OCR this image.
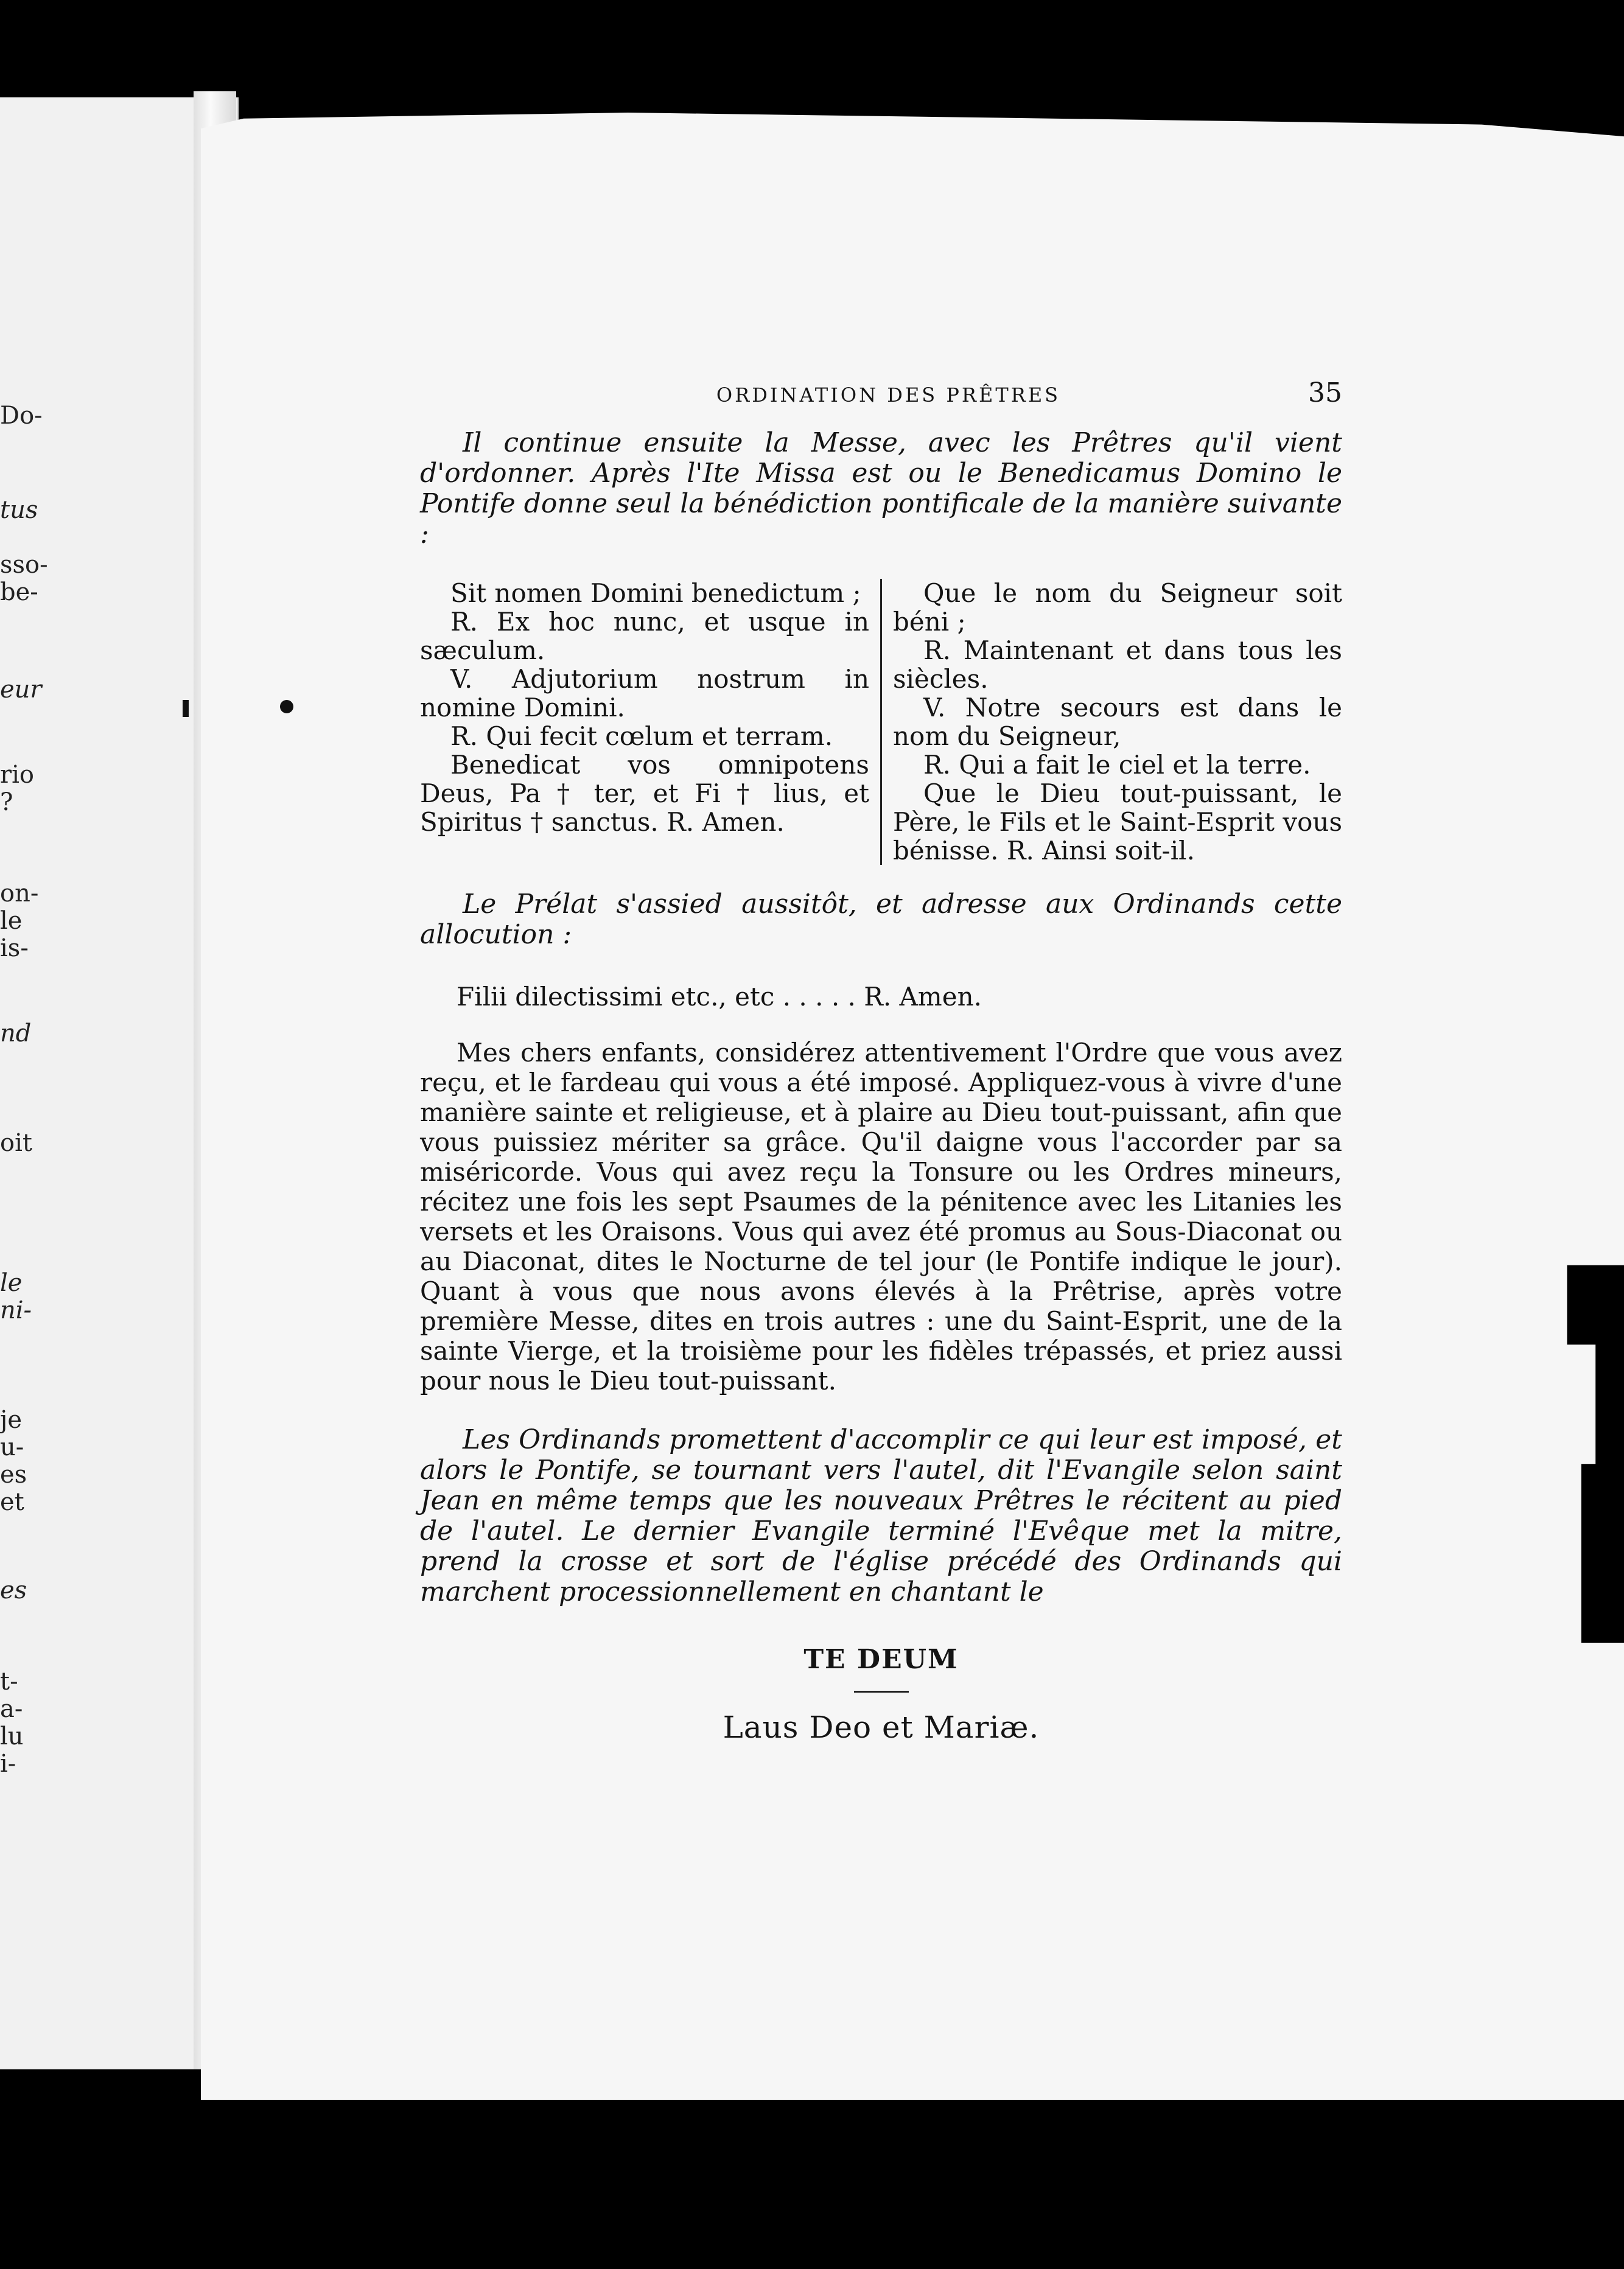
Do-
tus
sso-
be-
eur
rio
?
on-
le
is-
nd
oit
le
ni-
je
u-
es
et
es
t-
a-
lu
i-
ORDINATION DES PRÊTRES	35

Il continue ensuite la Messe, avec les Prêtres qu'il vient d'ordonner. Après l'Ite Missa est ou le Benedicamus Domino le Pontife donne seul la bénédiction pontificale de la manière suivante :

Sit nomen Domini benedictum ;

R. Ex hoc nunc, et usque in sæculum.

V. Adjutorium nostrum in nomine Domini.

R. Qui fecit cœlum et terram.

Benedicat vos omnipotens Deus, Pa † ter, et Fi † lius, et Spiritus † sanctus. R. Amen.

Que le nom du Seigneur soit béni ;

R. Maintenant et dans tous les siècles.

V. Notre secours est dans le nom du Seigneur,

R. Qui a fait le ciel et la terre.

Que le Dieu tout-puissant, le Père, le Fils et le Saint-Esprit vous bénisse. R. Ainsi soit-il.

Le Prélat s'assied aussitôt, et adresse aux Ordinands cette allocution :

Filii dilectissimi etc., etc . . . . . R. Amen.

Mes chers enfants, considérez attentivement l'Ordre que vous avez reçu, et le fardeau qui vous a été imposé. Appliquez-vous à vivre d'une manière sainte et religieuse, et à plaire au Dieu tout-puissant, afin que vous puissiez mériter sa grâce. Qu'il daigne vous l'accorder par sa miséricorde. Vous qui avez reçu la Tonsure ou les Ordres mineurs, récitez une fois les sept Psaumes de la pénitence avec les Litanies les versets et les Oraisons. Vous qui avez été promus au Sous-Diaconat ou au Diaconat, dites le Nocturne de tel jour (le Pontife indique le jour). Quant à vous que nous avons élevés à la Prêtrise, après votre première Messe, dites en trois autres : une du Saint-Esprit, une de la sainte Vierge, et la troisième pour les fidèles trépassés, et priez aussi pour nous le Dieu tout-puissant.

Les Ordinands promettent d'accomplir ce qui leur est imposé, et alors le Pontife, se tournant vers l'autel, dit l'Evangile selon saint Jean en même temps que les nouveaux Prêtres le récitent au pied de l'autel. Le dernier Evangile terminé l'Evêque met la mitre, prend la crosse et sort de l'église précédé des Ordinands qui marchent processionnellement en chantant le

TE DEUM
Laus Deo et Mariæ.
